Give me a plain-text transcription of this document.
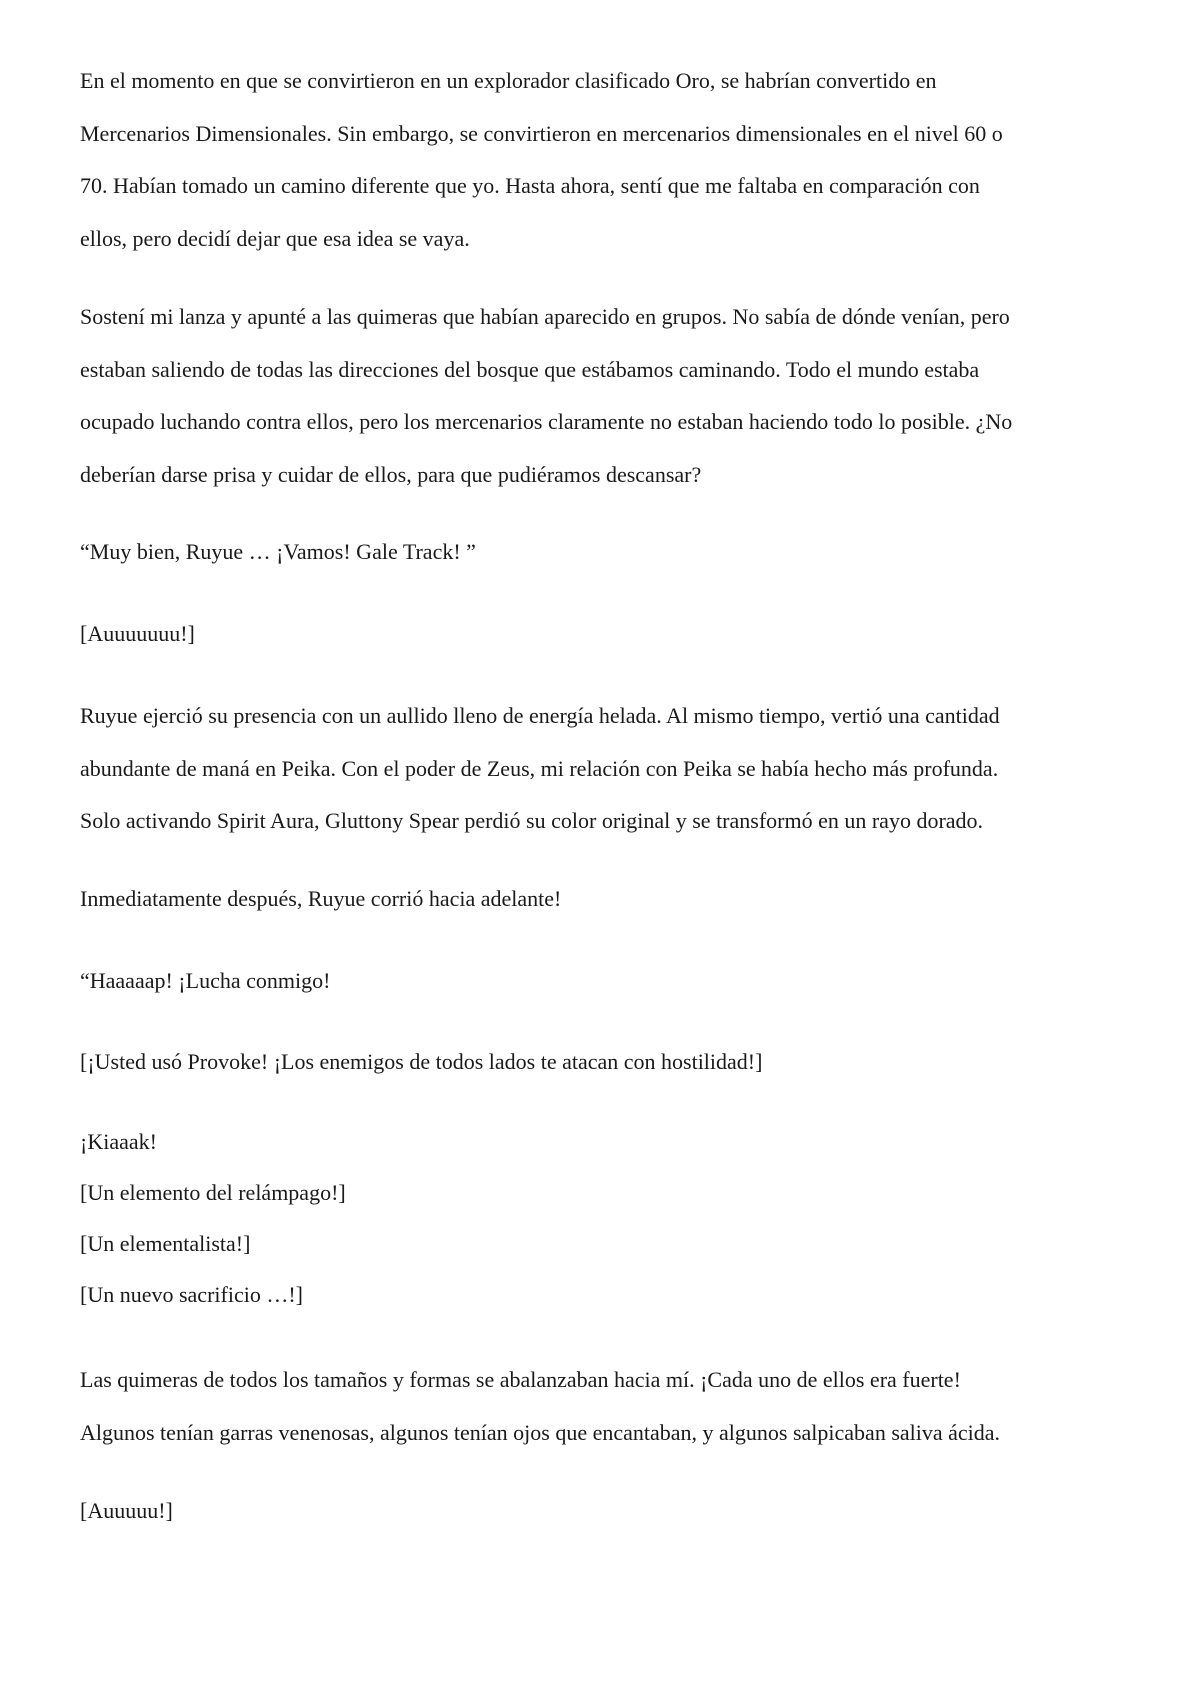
En el momento en que se convirtieron en un explorador clasificado Oro, se habrían convertido en
Mercenarios Dimensionales. Sin embargo, se convirtieron en mercenarios dimensionales en el nivel 60 o
70. Habían tomado un camino diferente que yo. Hasta ahora, sentí que me faltaba en comparación con
ellos, pero decidí dejar que esa idea se vaya.
Sostení mi lanza y apunté a las quimeras que habían aparecido en grupos. No sabía de dónde venían, pero
estaban saliendo de todas las direcciones del bosque que estábamos caminando. Todo el mundo estaba
ocupado luchando contra ellos, pero los mercenarios claramente no estaban haciendo todo lo posible. ¿No
deberían darse prisa y cuidar de ellos, para que pudiéramos descansar?
“Muy bien, Ruyue … ¡Vamos! Gale Track! ”
[Auuuuuuu!]
Ruyue ejerció su presencia con un aullido lleno de energía helada. Al mismo tiempo, vertió una cantidad
abundante de maná en Peika. Con el poder de Zeus, mi relación con Peika se había hecho más profunda.
Solo activando Spirit Aura, Gluttony Spear perdió su color original y se transformó en un rayo dorado.
Inmediatamente después, Ruyue corrió hacia adelante!
“Haaaaap! ¡Lucha conmigo!
[¡Usted usó Provoke! ¡Los enemigos de todos lados te atacan con hostilidad!]
¡Kiaaak!
[Un elemento del relámpago!]
[Un elementalista!]
[Un nuevo sacrificio …!]
Las quimeras de todos los tamaños y formas se abalanzaban hacia mí. ¡Cada uno de ellos era fuerte!
Algunos tenían garras venenosas, algunos tenían ojos que encantaban, y algunos salpicaban saliva ácida.
[Auuuuu!]
